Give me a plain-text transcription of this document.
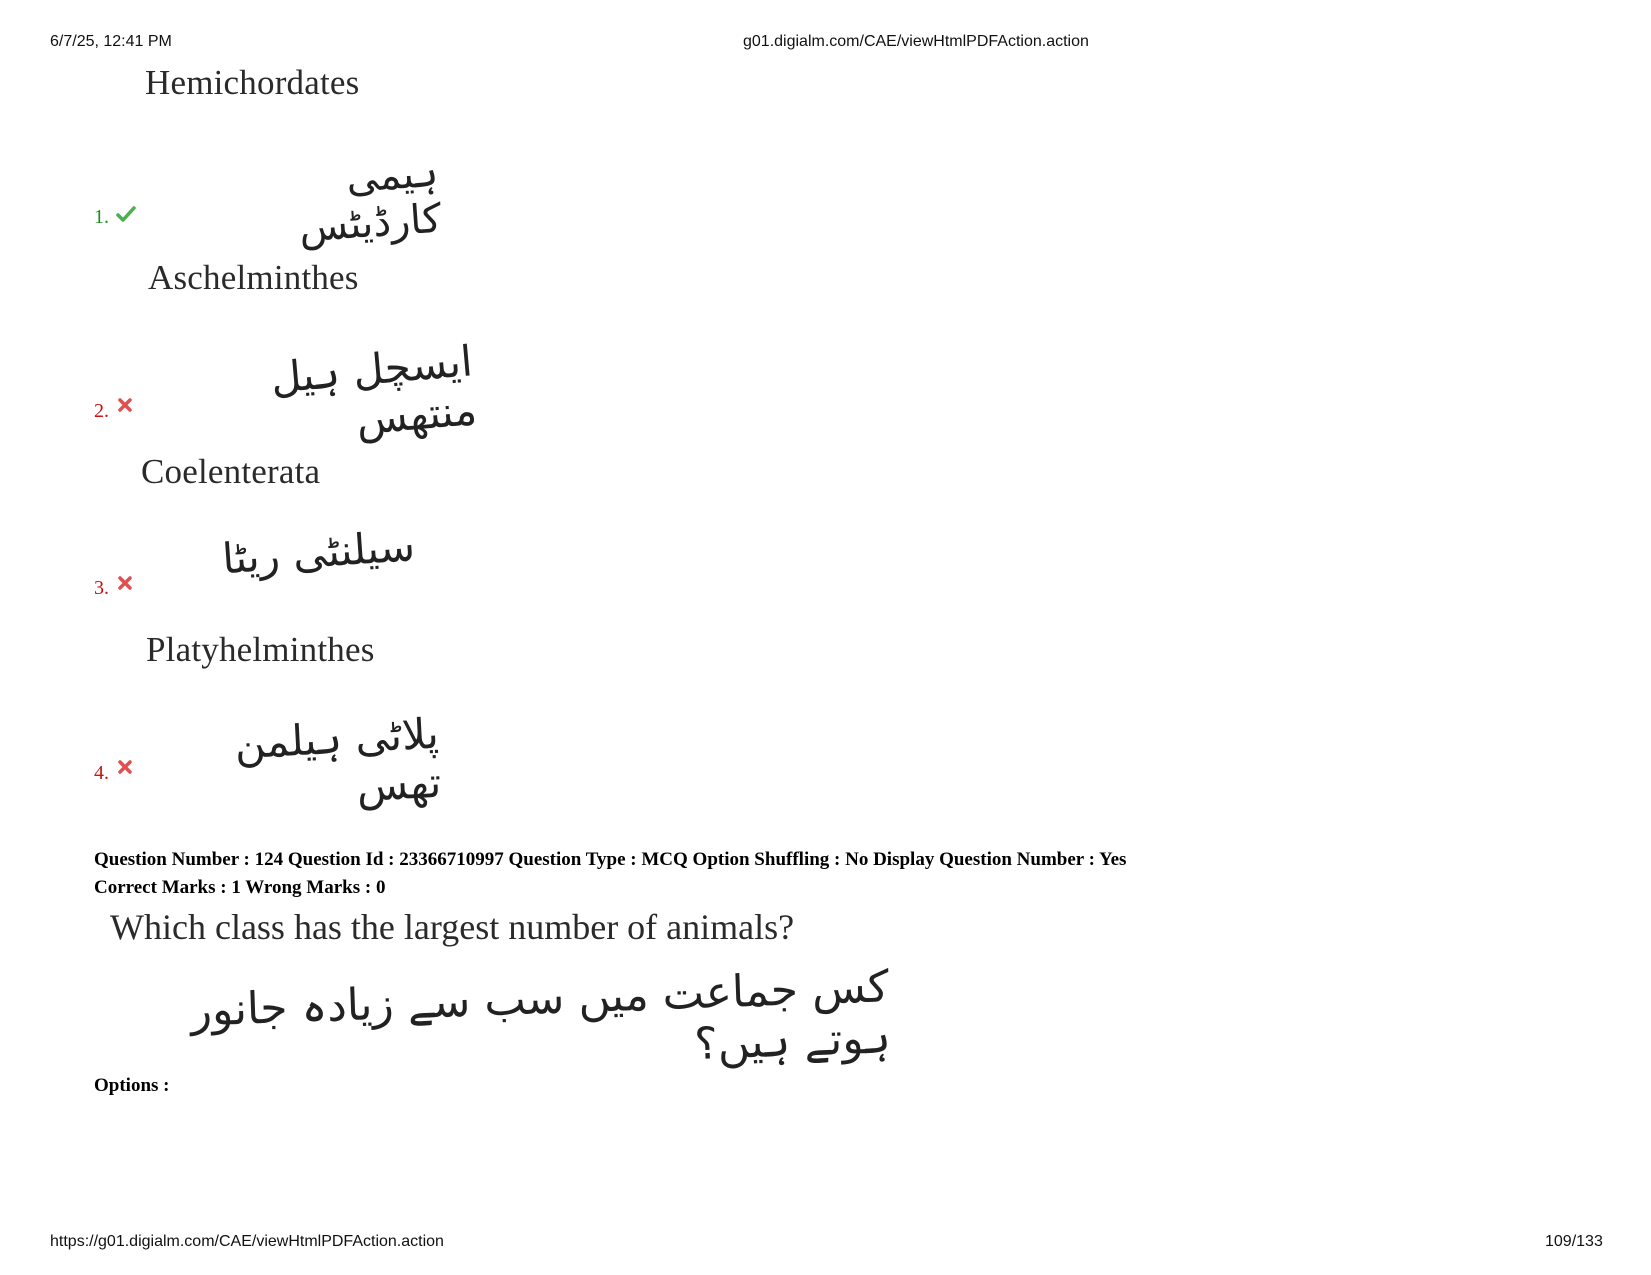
6/7/25, 12:41 PM	g01.digialm.com/CAE/viewHtmlPDFAction.action
Hemichordates
1.
ہیمی کارڈیٹس
Aschelminthes
2.
ایسچل ہیل منتھس
Coelenterata
3.
سیلنٹی ریٹا
Platyhelminthes
4.
پلاٹی ہیلمن تھس
Question Number : 124 Question Id : 23366710997 Question Type : MCQ Option Shuffling : No Display Question Number : Yes
Correct Marks : 1 Wrong Marks : 0
Which class has the largest number of animals?
کس جماعت میں سب سے زیادہ جانور ہوتے ہیں؟
Options :
https://g01.digialm.com/CAE/viewHtmlPDFAction.action	109/133
